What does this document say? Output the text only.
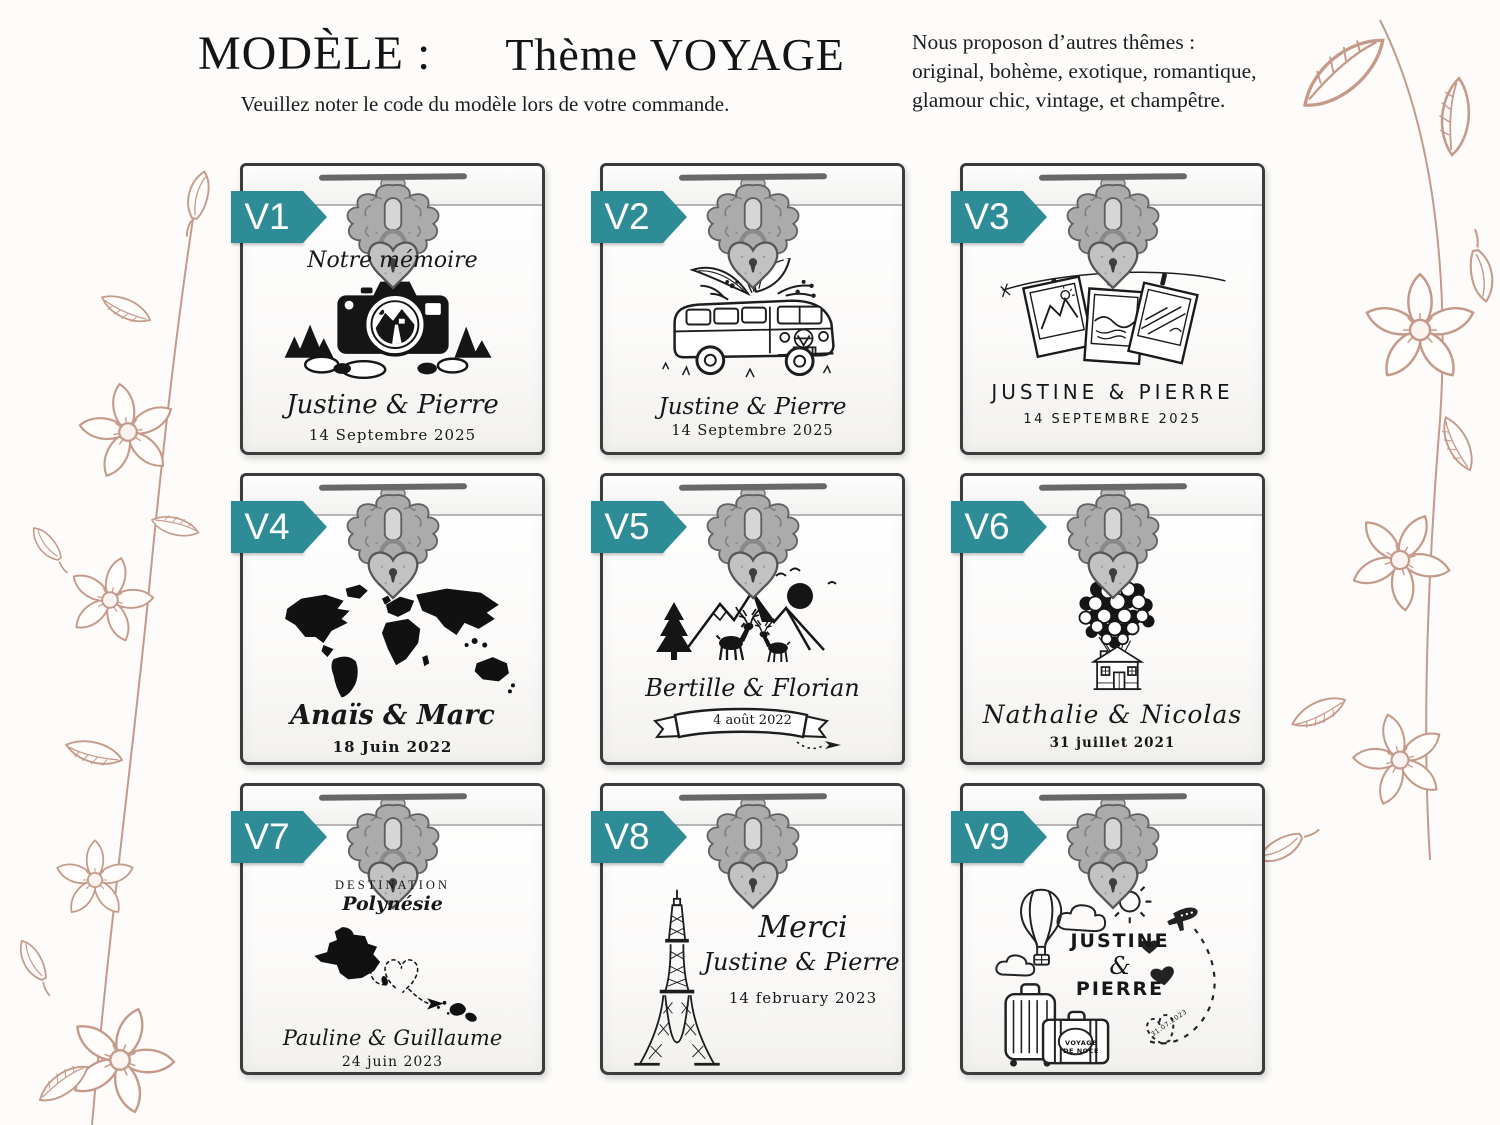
MODÈLE : Thème VOYAGE
Veuillez noter le code du modèle lors de votre commande.
Nous proposon d’autres thêmes :
original, bohème, exotique, romantique,
glamour chic, vintage, et champêtre.
Notre mémoire
Justine & Pierre
14 Septembre 2025
V1
Justine & Pierre
14 Septembre 2025
V2
JUSTINE & PIERRE
14 SEPTEMBRE 2025
V3
Anaïs & Marc
18 Juin 2022
V4
Bertille & Florian
4 août 2022
V5
Nathalie & Nicolas
31 juillet 2021
V6
DESTINATION
Polynésie
Pauline & Guillaume
24 juin 2023
V7
Merci
Justine & Pierre
14 february 2023
V8
JUSTINE
&
PIERRE
VOYAGE DE NOCE
31.07.2023
V9
